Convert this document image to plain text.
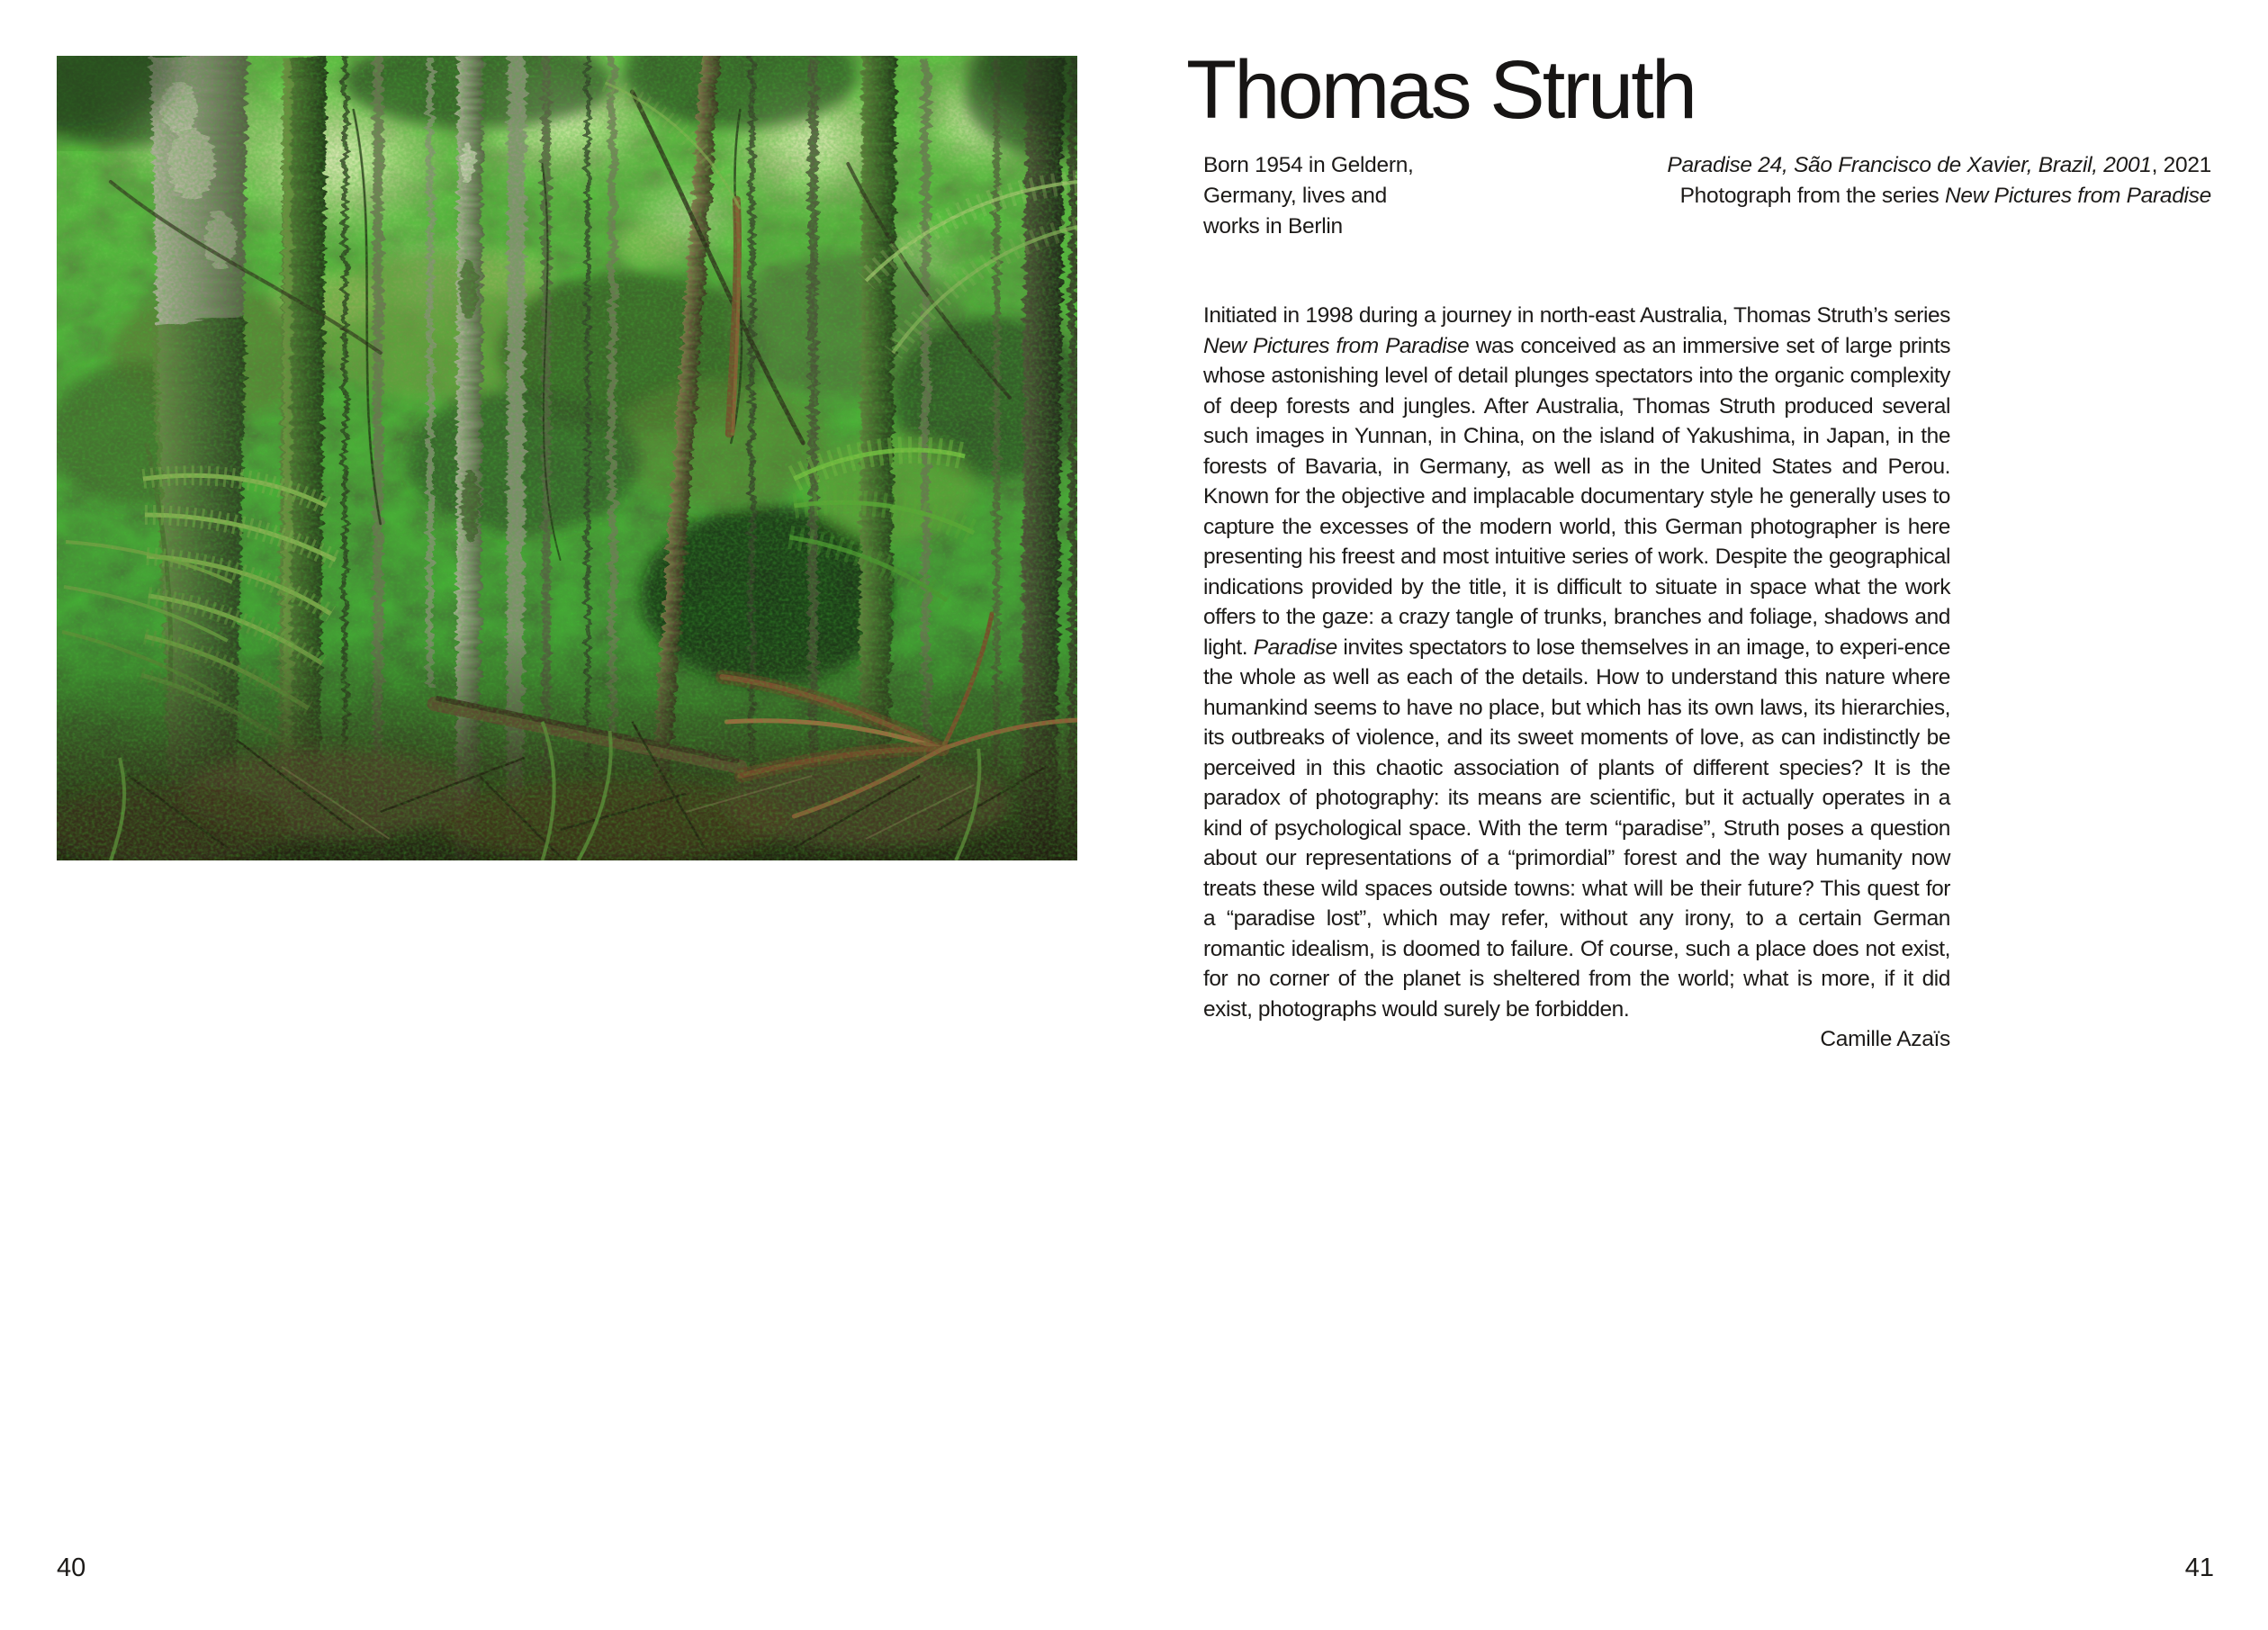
40	41
Thomas Struth
Born 1954 in Geldern,
Germany, lives and
works in Berlin
Paradise 24, São Francisco de Xavier, Brazil, 2001, 2021
Photograph from the series New Pictures from Paradise

Initiated in 1998 during a journey in north-east Australia, Thomas Struth’s series New Pictures from Paradise was conceived as an immersive set of large prints whose astonishing level of detail plunges spectators into the organic complexity of deep forests and jungles. After Australia, Thomas Struth produced several such images in Yunnan, in China, on the island of Yakushima, in Japan, in the forests of Bavaria, in Germany, as well as in the United States and Perou. Known for the objective and implacable documentary style he generally uses to capture the excesses of the modern world, this German photographer is here presenting his freest and most intuitive series of work. Despite the geographical indications provided by the title, it is difficult to situate in space what the work offers to the gaze: a crazy tangle of trunks, branches and foliage, shadows and light. Paradise invites spectators to lose themselves in an image, to experi-ence the whole as well as each of the details. How to understand this nature where humankind seems to have no place, but which has its own laws, its hierarchies, its outbreaks of violence, and its sweet moments of love, as can indistinctly be perceived in this chaotic association of plants of different species? It is the paradox of photography: its means are scientific, but it actually operates in a kind of psychological space. With the term “paradise”, Struth poses a question about our representations of a “primordial” forest and the way humanity now treats these wild spaces outside towns: what will be their future? This quest for a “paradise lost”, which may refer, without any irony, to a certain German romantic idealism, is doomed to failure. Of course, such a place does not exist, for no corner of the planet is sheltered from the world; what is more, if it did exist, photographs would surely be forbidden.

Camille Azaïs
